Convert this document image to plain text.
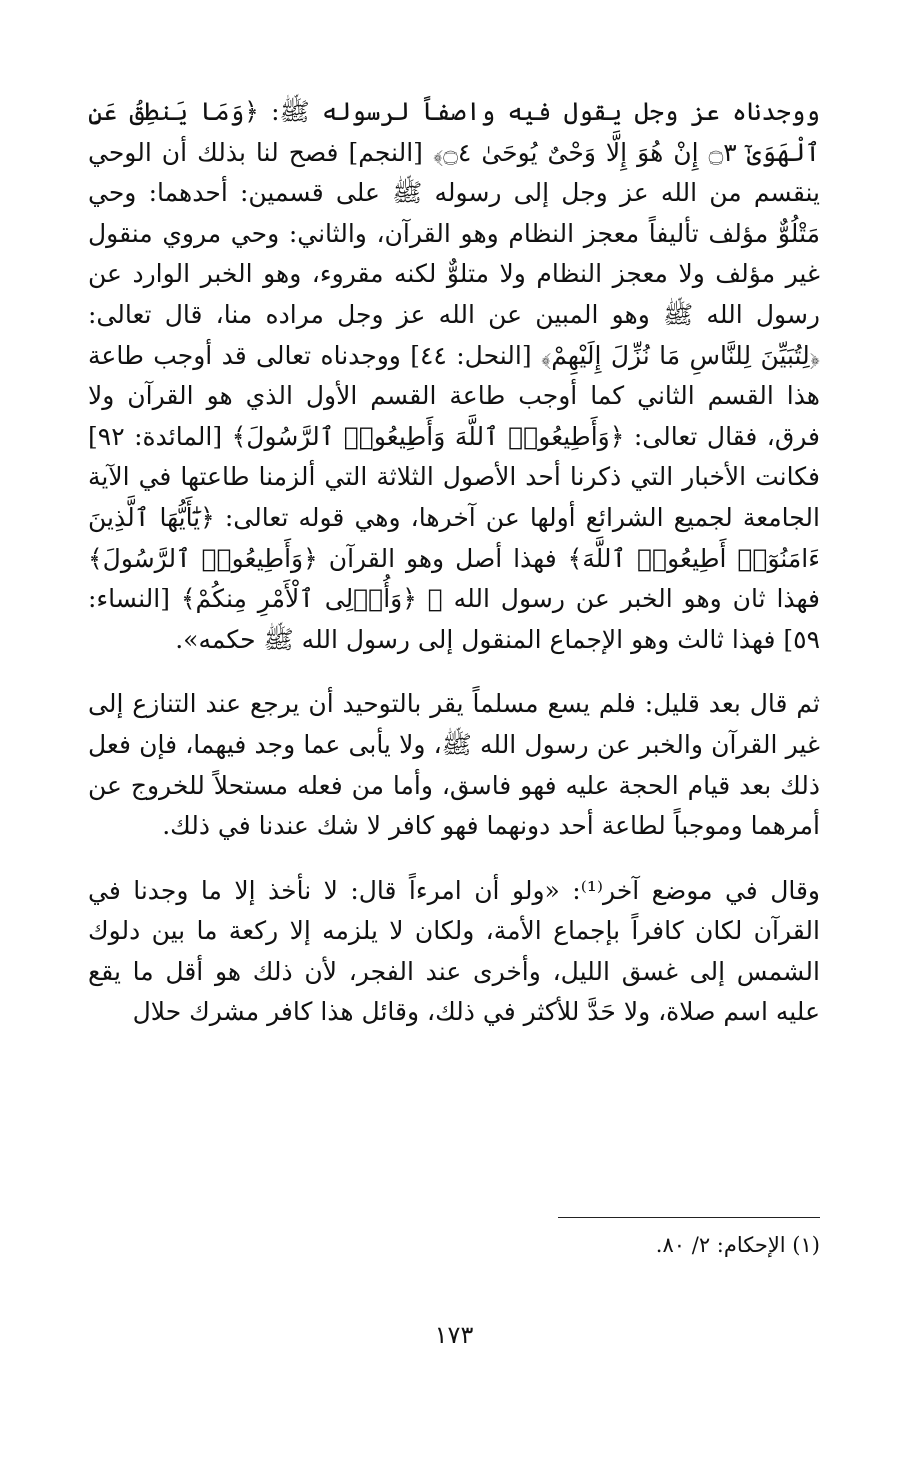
ووجدناه عز وجل يقول فيه واصفاً لرسوله ﷺ: ﴿وَمَا يَنطِقُ عَنِ ٱلْهَوَىٰٓ ۝٣ إِنْ هُوَ إِلَّا وَحْىٌ يُوحَىٰ ۝٤﴾ [النجم] فصح لنا بذلك أن الوحي ينقسم من الله عز وجل إلى رسوله ﷺ على قسمين: أحدهما: وحي مَتْلُوٌّ مؤلف تأليفاً معجز النظام وهو القرآن، والثاني: وحي مروي منقول غير مؤلف ولا معجز النظام ولا متلوٌّ لكنه مقروء، وهو الخبر الوارد عن رسول الله ﷺ وهو المبين عن الله عز وجل مراده منا، قال تعالى: ﴿لِتُبَيِّنَ لِلنَّاسِ مَا نُزِّلَ إِلَيْهِمْ﴾ [النحل: ٤٤] ووجدناه تعالى قد أوجب طاعة هذا القسم الثاني كما أوجب طاعة القسم الأول الذي هو القرآن ولا فرق، فقال تعالى: ﴿وَأَطِيعُوا۟ ٱللَّهَ وَأَطِيعُوا۟ ٱلرَّسُولَ﴾ [المائدة: ٩٢] فكانت الأخبار التي ذكرنا أحد الأصول الثلاثة التي ألزمنا طاعتها في الآية الجامعة لجميع الشرائع أولها عن آخرها، وهي قوله تعالى: ﴿يَٰٓأَيُّهَا ٱلَّذِينَ ءَامَنُوٓا۟ أَطِيعُوا۟ ٱللَّهَ﴾ فهذا أصل وهو القرآن ﴿وَأَطِيعُوا۟ ٱلرَّسُولَ﴾ فهذا ثان وهو الخبر عن رسول الله ﷺ ﴿وَأُو۟لِى ٱلْأَمْرِ مِنكُمْ﴾ [النساء: ٥٩] فهذا ثالث وهو الإجماع المنقول إلى رسول الله ﷺ حكمه».

ثم قال بعد قليل: فلم يسع مسلماً يقر بالتوحيد أن يرجع عند التنازع إلى غير القرآن والخبر عن رسول الله ﷺ، ولا يأبى عما وجد فيهما، فإن فعل ذلك بعد قيام الحجة عليه فهو فاسق، وأما من فعله مستحلاً للخروج عن أمرهما وموجباً لطاعة أحد دونهما فهو كافر لا شك عندنا في ذلك.

وقال في موضع آخر⁽¹⁾: «ولو أن امرءاً قال: لا نأخذ إلا ما وجدنا في القرآن لكان كافراً بإجماع الأمة، ولكان لا يلزمه إلا ركعة ما بين دلوك الشمس إلى غسق الليل، وأخرى عند الفجر، لأن ذلك هو أقل ما يقع عليه اسم صلاة، ولا حَدَّ للأكثر في ذلك، وقائل هذا كافر مشرك حلال

(١) الإحكام: ٢/ ٨٠.

١٧٣
